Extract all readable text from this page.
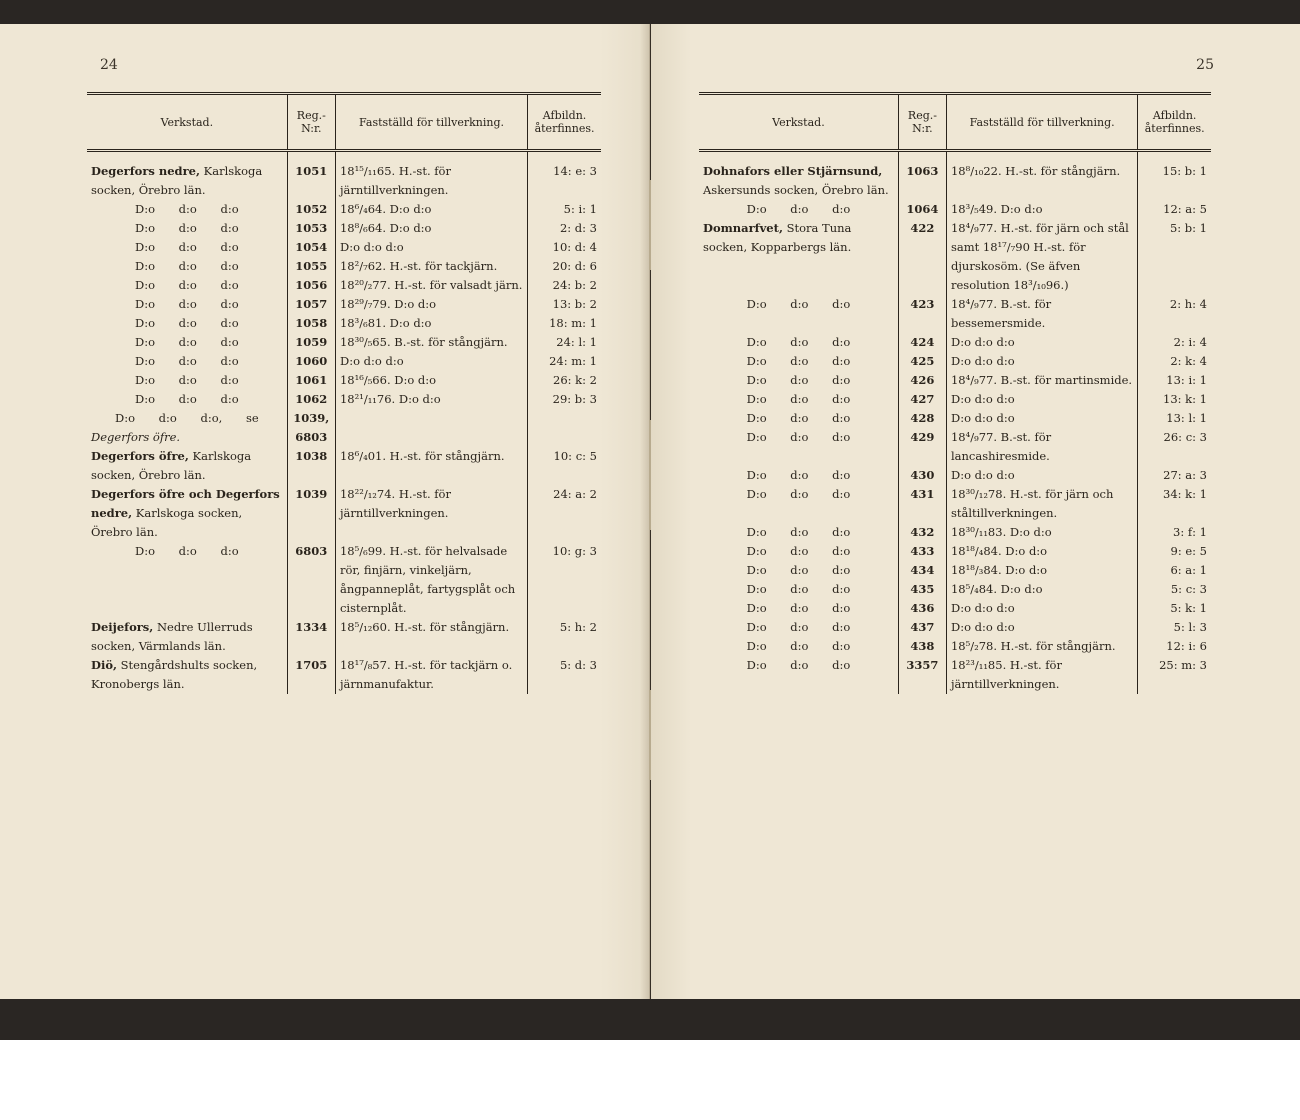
24
Verkstad.	Reg.-N:r.	Fastställd för tillverkning.	Afbildn. återfinnes.
Degerfors nedre, Karlskoga socken, Örebro län.	1051	18¹⁵/₁₁65. H.-st. för järntillverkningen.	14: e: 3

D:o d:o d:o	1052	18⁶/₄64. D:o d:o	5: i: 1

D:o d:o d:o	1053	18⁸/₆64. D:o d:o	2: d: 3

D:o d:o d:o	1054	D:o d:o d:o	10: d: 4

D:o d:o d:o	1055	18²/₇62. H.-st. för tackjärn.	20: d: 6

D:o d:o d:o	1056	18²⁰/₂77. H.-st. för valsadt järn.	24: b: 2

D:o d:o d:o	1057	18²⁹/₇79. D:o d:o	13: b: 2

D:o d:o d:o	1058	18³/₆81. D:o d:o	18: m: 1

D:o d:o d:o	1059	18³⁰/₅65. B.-st. för stångjärn.	24: l: 1

D:o d:o d:o	1060	D:o d:o d:o	24: m: 1

D:o d:o d:o	1061	18¹⁶/₅66. D:o d:o	26: k: 2

D:o d:o d:o	1062	18²¹/₁₁76. D:o d:o	29: b: 3

D:o d:o d:o, se
Degerfors öfre.	1039, 6803		
Degerfors öfre, Karlskoga socken, Örebro län.	1038	18⁶/₄01. H.-st. för stångjärn.	10: c: 5
Degerfors öfre och Degerfors nedre, Karlskoga socken, Örebro län.	1039	18²²/₁₂74. H.-st. för järntillverkningen.	24: a: 2

D:o d:o d:o	6803	18⁵/₆99. H.-st. för helvalsade rör, finjärn, vinkeljärn, ångpanneplåt, fartygsplåt och cisternplåt.	10: g: 3
Deijefors, Nedre Ullerruds socken, Värmlands län.	1334	18⁵/₁₂60. H.-st. för stångjärn.	5: h: 2
Diö, Stengårdshults socken, Kronobergs län.	1705	18¹⁷/₈57. H.-st. för tackjärn o. järnmanufaktur.	5: d: 3
25
Verkstad.	Reg.-N:r.	Fastställd för tillverkning.	Afbildn. återfinnes.
Dohnafors eller Stjärnsund, Askersunds socken, Örebro län.	1063	18⁸/₁₀22. H.-st. för stångjärn.	15: b: 1

D:o d:o d:o	1064	18³/₅49. D:o d:o	12: a: 5
Domnarfvet, Stora Tuna socken, Kopparbergs län.	422	18⁴/₉77. H.-st. för järn och stål samt 18¹⁷/₇90 H.-st. för djurskosöm. (Se äfven resolution 18³/₁₀96.)	5: b: 1

D:o d:o d:o	423	18⁴/₉77. B.-st. för bessemersmide.	2: h: 4

D:o d:o d:o	424	D:o d:o d:o	2: i: 4

D:o d:o d:o	425	D:o d:o d:o	2: k: 4

D:o d:o d:o	426	18⁴/₉77. B.-st. för martinsmide.	13: i: 1

D:o d:o d:o	427	D:o d:o d:o	13: k: 1

D:o d:o d:o	428	D:o d:o d:o	13: l: 1

D:o d:o d:o	429	18⁴/₉77. B.-st. för lancashiresmide.	26: c: 3

D:o d:o d:o	430	D:o d:o d:o	27: a: 3

D:o d:o d:o	431	18³⁰/₁₂78. H.-st. för järn och ståltillverkningen.	34: k: 1

D:o d:o d:o	432	18³⁰/₁₁83. D:o d:o	3: f: 1

D:o d:o d:o	433	18¹⁸/₄84. D:o d:o	9: e: 5

D:o d:o d:o	434	18¹⁸/₃84. D:o d:o	6: a: 1

D:o d:o d:o	435	18⁵/₄84. D:o d:o	5: c: 3

D:o d:o d:o	436	D:o d:o d:o	5: k: 1

D:o d:o d:o	437	D:o d:o d:o	5: l: 3

D:o d:o d:o	438	18⁵/₂78. H.-st. för stångjärn.	12: i: 6

D:o d:o d:o	3357	18²³/₁₁85. H.-st. för järntillverkningen.	25: m: 3
